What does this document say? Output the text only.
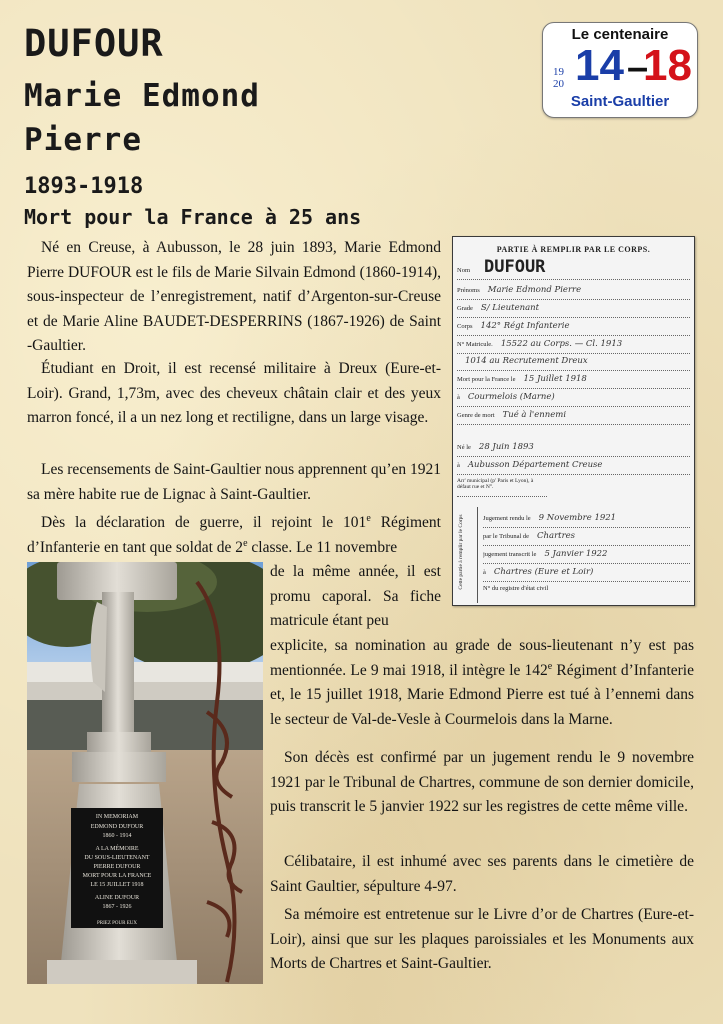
DUFOUR
Marie Edmond
Pierre
1893-1918
Mort pour la France à 25 ans
Le centenaire
19
20 14 –
18
Saint-Gaultier

Né en Creuse, à Aubusson, le 28 juin 1893, Marie Edmond Pierre DUFOUR est le fils de Marie Silvain Edmond (1860-1914), sous-inspecteur de l’enregistrement, natif d’Argenton-sur-Creuse et de Marie Aline BAUDET-DESPERRINS (1867-1926) de Saint -Gaultier.

Étudiant en Droit, il est recensé militaire à Dreux (Eure-et-Loir). Grand, 1,73m, avec des cheveux châtain clair et des yeux marron foncé, il a un nez long et rectiligne, dans un large visage.

Les recensements de Saint-Gaultier nous apprennent qu’en 1921 sa mère habite rue de Lignac à Saint-Gaultier.

Dès la déclaration de guerre, il rejoint le 101e Régiment d’Infanterie en tant que soldat de 2e classe. Le 11 novembre

de la même année, il est promu caporal. Sa fiche matricule étant peu

explicite, sa nomination au grade de sous-lieutenant n’y est pas mentionnée. Le 9 mai 1918, il intègre le 142e Régiment d’Infanterie et, le 15 juillet 1918, Marie Edmond Pierre est tué à l’ennemi dans le secteur de Val-de-Vesle à Courmelois dans la Marne.

Son décès est confirmé par un jugement rendu le 9 novembre 1921 par le Tribunal de Chartres, commune de son dernier domicile, puis transcrit le 5 janvier 1922 sur les registres de cette même ville.

Célibataire, il est inhumé avec ses parents dans le cimetière de Saint Gaultier, sépulture 4-97.

Sa mémoire est entretenue sur le Livre d’or de Chartres (Eure-et-Loir), ainsi que sur les plaques paroissiales et les Monuments aux Morts de Chartres et Saint-Gaultier.

PARTIE À REMPLIR PAR LE CORPS.
Nom DUFOUR
Prénoms Marie Edmond Pierre
Grade S/ Lieutenant
Corps 142° Régt Infanterie
N° Matricule. 15522 au Corps. — Cl. 1913
1014 au Recrutement Dreux
Mort pour la France le 15 Juillet 1918
à Courmelois (Marne)
Genre de mort Tué à l'ennemi
Né le 28 Juin 1893
à Aubusson Département Creuse
Arr' municipal (p' Paris et Lyon), à défaut rue et N°.
Cette partie à remplir par le Corps	Jugement rendu le 9 Novembre 1921
par le Tribunal de Chartres
jugement transcrit le 5 Janvier 1922
à Chartres (Eure et Loir)
N° du registre d'état civil
IN MEMORIAM
EDMOND DUFOUR
1860 - 1914
A LA MÉMOIRE
DU SOUS-LIEUTENANT
PIERRE DUFOUR
MORT POUR LA FRANCE
LE 15 JUILLET 1918
ALINE DUFOUR
1867 - 1926
PRIEZ POUR EUX
